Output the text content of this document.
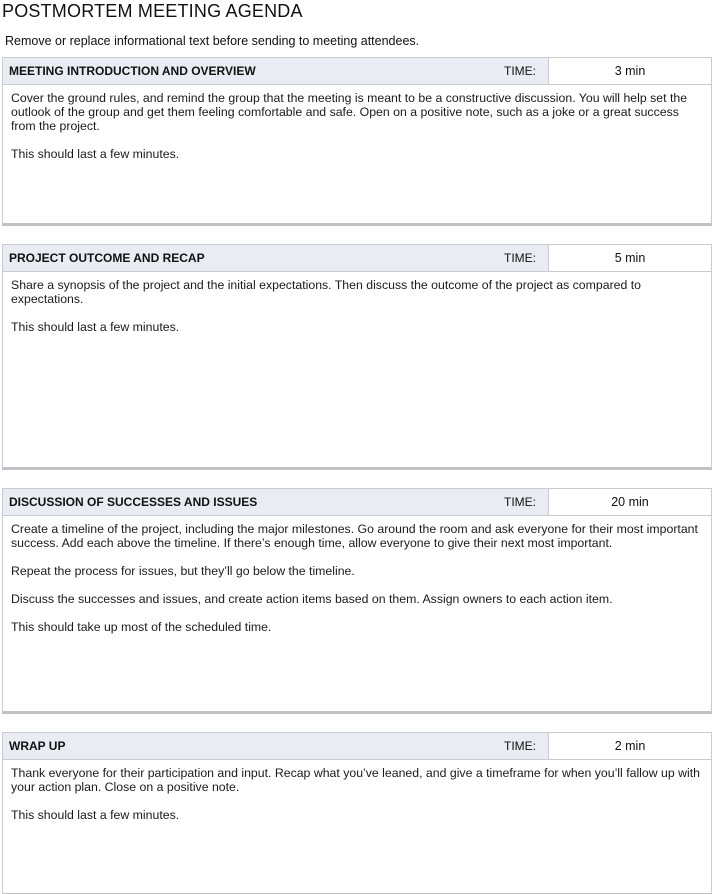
POSTMORTEM MEETING AGENDA
Remove or replace informational text before sending to meeting attendees.
MEETING INTRODUCTION AND OVERVIEW	TIME:	3 min

Cover the ground rules, and remind the group that the meeting is meant to be a constructive discussion. You will help set the outlook of the group and get them feeling comfortable and safe. Open on a positive note, such as a joke or a great success from the project.

This should last a few minutes.

PROJECT OUTCOME AND RECAP	TIME:	5 min

Share a synopsis of the project and the initial expectations. Then discuss the outcome of the project as compared to expectations.

This should last a few minutes.

DISCUSSION OF SUCCESSES AND ISSUES	TIME:	20 min

Create a timeline of the project, including the major milestones. Go around the room and ask everyone for their most important success. Add each above the timeline. If there’s enough time, allow everyone to give their next most important.

Repeat the process for issues, but they’ll go below the timeline.

Discuss the successes and issues, and create action items based on them. Assign owners to each action item.

This should take up most of the scheduled time.

WRAP UP	TIME:	2 min

Thank everyone for their participation and input. Recap what you’ve leaned, and give a timeframe for when you’ll fallow up with your action plan. Close on a positive note.

This should last a few minutes.
